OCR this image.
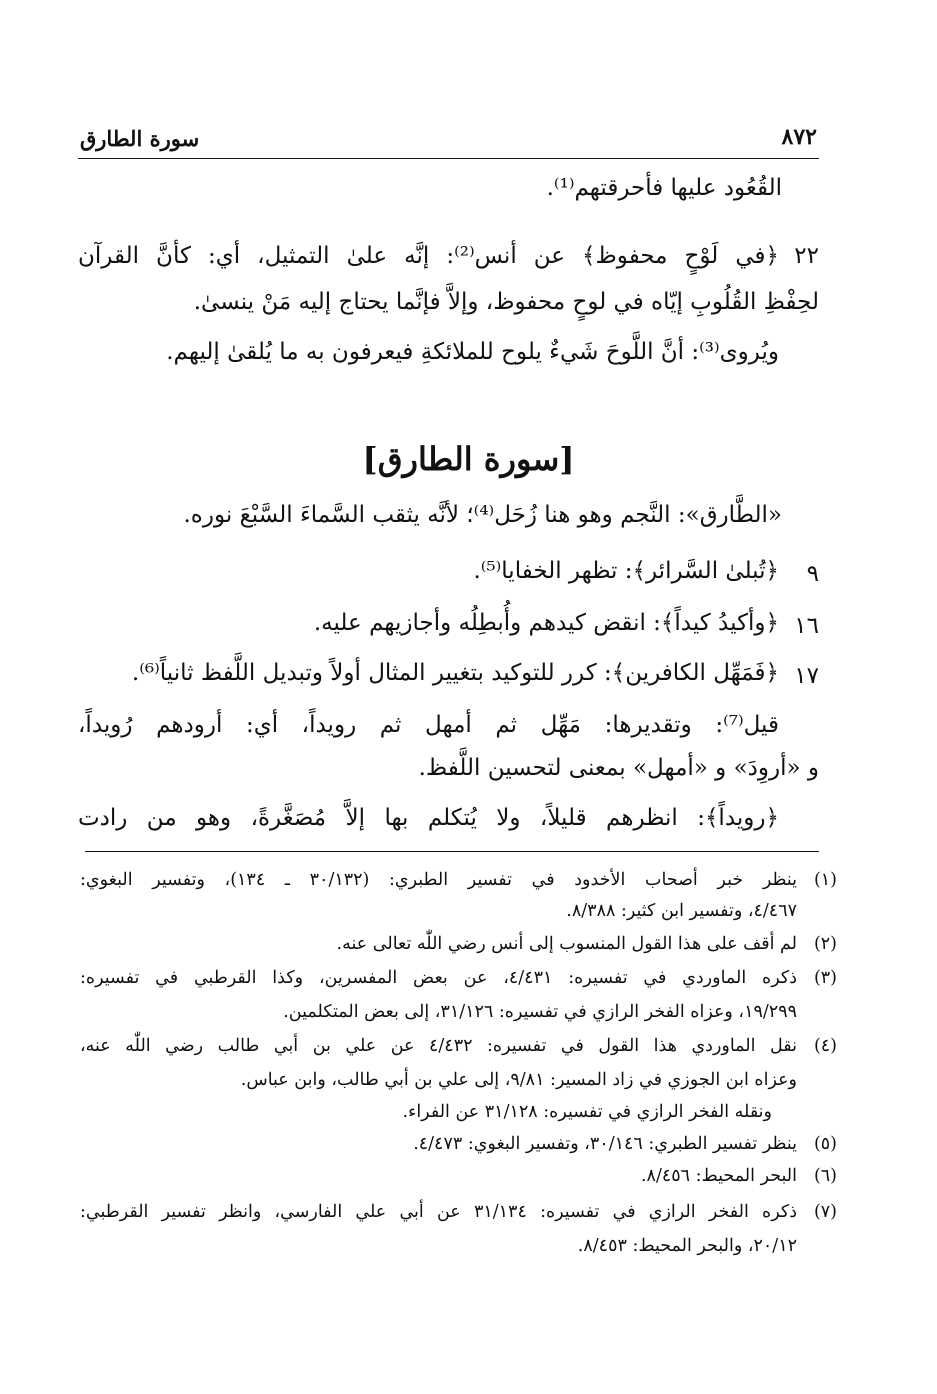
سورة الطارق	٨٧٢
القُعُود عليها فأحرقتهم⁽¹⁾.
٢٢
﴿في لَوْحٍ محفوظ﴾ عن أنس⁽²⁾: إنَّه علىٰ التمثيل، أي: كأنَّ القرآن
لحِفْظِ القُلُوبِ إيّاه في لوحٍ محفوظ، وإلاَّ فإنَّما يحتاج إليه مَنْ ينسىٰ.
ويُروى⁽³⁾: أنَّ اللَّوحَ شَيءٌ يلوح للملائكةِ فيعرفون به ما يُلقىٰ إليهم.
[سورة الطارق]
«الطَّارق»: النَّجم وهو هنا زُحَل⁽⁴⁾؛ لأنَّه يثقب السَّماءَ السَّبْعَ نوره.
٩
﴿تُبلىٰ السَّرائر﴾: تظهر الخفايا⁽⁵⁾.
١٦
﴿وأكيدُ كيداً﴾: انقض كيدهم وأُبطِلُه وأجازيهم عليه.
١٧
﴿فَمَهِّل الكافرين﴾: كرر للتوكيد بتغيير المثال أولاً وتبديل اللَّفظ ثانياً⁽⁶⁾.
قيل⁽⁷⁾: وتقديرها: مَهِّل ثم أمهل ثم رويداً، أي: أرودهم رُويداً،
و «أروِدَ» و «أمهل» بمعنى لتحسين اللَّفظ.
﴿رويداً﴾: انظرهم قليلاً، ولا يُتكلم بها إلاَّ مُصَغَّرةً، وهو من رادت
(١)
ينظر خبر أصحاب الأخدود في تفسير الطبري: (٣٠/١٣٢ ـ ١٣٤)، وتفسير البغوي:
٤/٤٦٧، وتفسير ابن كثير: ٨/٣٨٨.
(٢)
لم أقف على هذا القول المنسوب إلى أنس رضي اللّٰه تعالى عنه.
(٣)
ذكره الماوردي في تفسيره: ٤/٤٣١، عن بعض المفسرين، وكذا القرطبي في تفسيره:
١٩/٢٩٩، وعزاه الفخر الرازي في تفسيره: ٣١/١٢٦، إلى بعض المتكلمين.
(٤)
نقل الماوردي هذا القول في تفسيره: ٤/٤٣٢ عن علي بن أبي طالب رضي اللّٰه عنه،
وعزاه ابن الجوزي في زاد المسير: ٩/٨١، إلى علي بن أبي طالب، وابن عباس.
ونقله الفخر الرازي في تفسيره: ٣١/١٢٨ عن الفراء.
(٥)
ينظر تفسير الطبري: ٣٠/١٤٦، وتفسير البغوي: ٤/٤٧٣.
(٦)
البحر المحيط: ٨/٤٥٦.
(٧)
ذكره الفخر الرازي في تفسيره: ٣١/١٣٤ عن أبي علي الفارسي، وانظر تفسير القرطبي:
٢٠/١٢، والبحر المحيط: ٨/٤٥٣.
